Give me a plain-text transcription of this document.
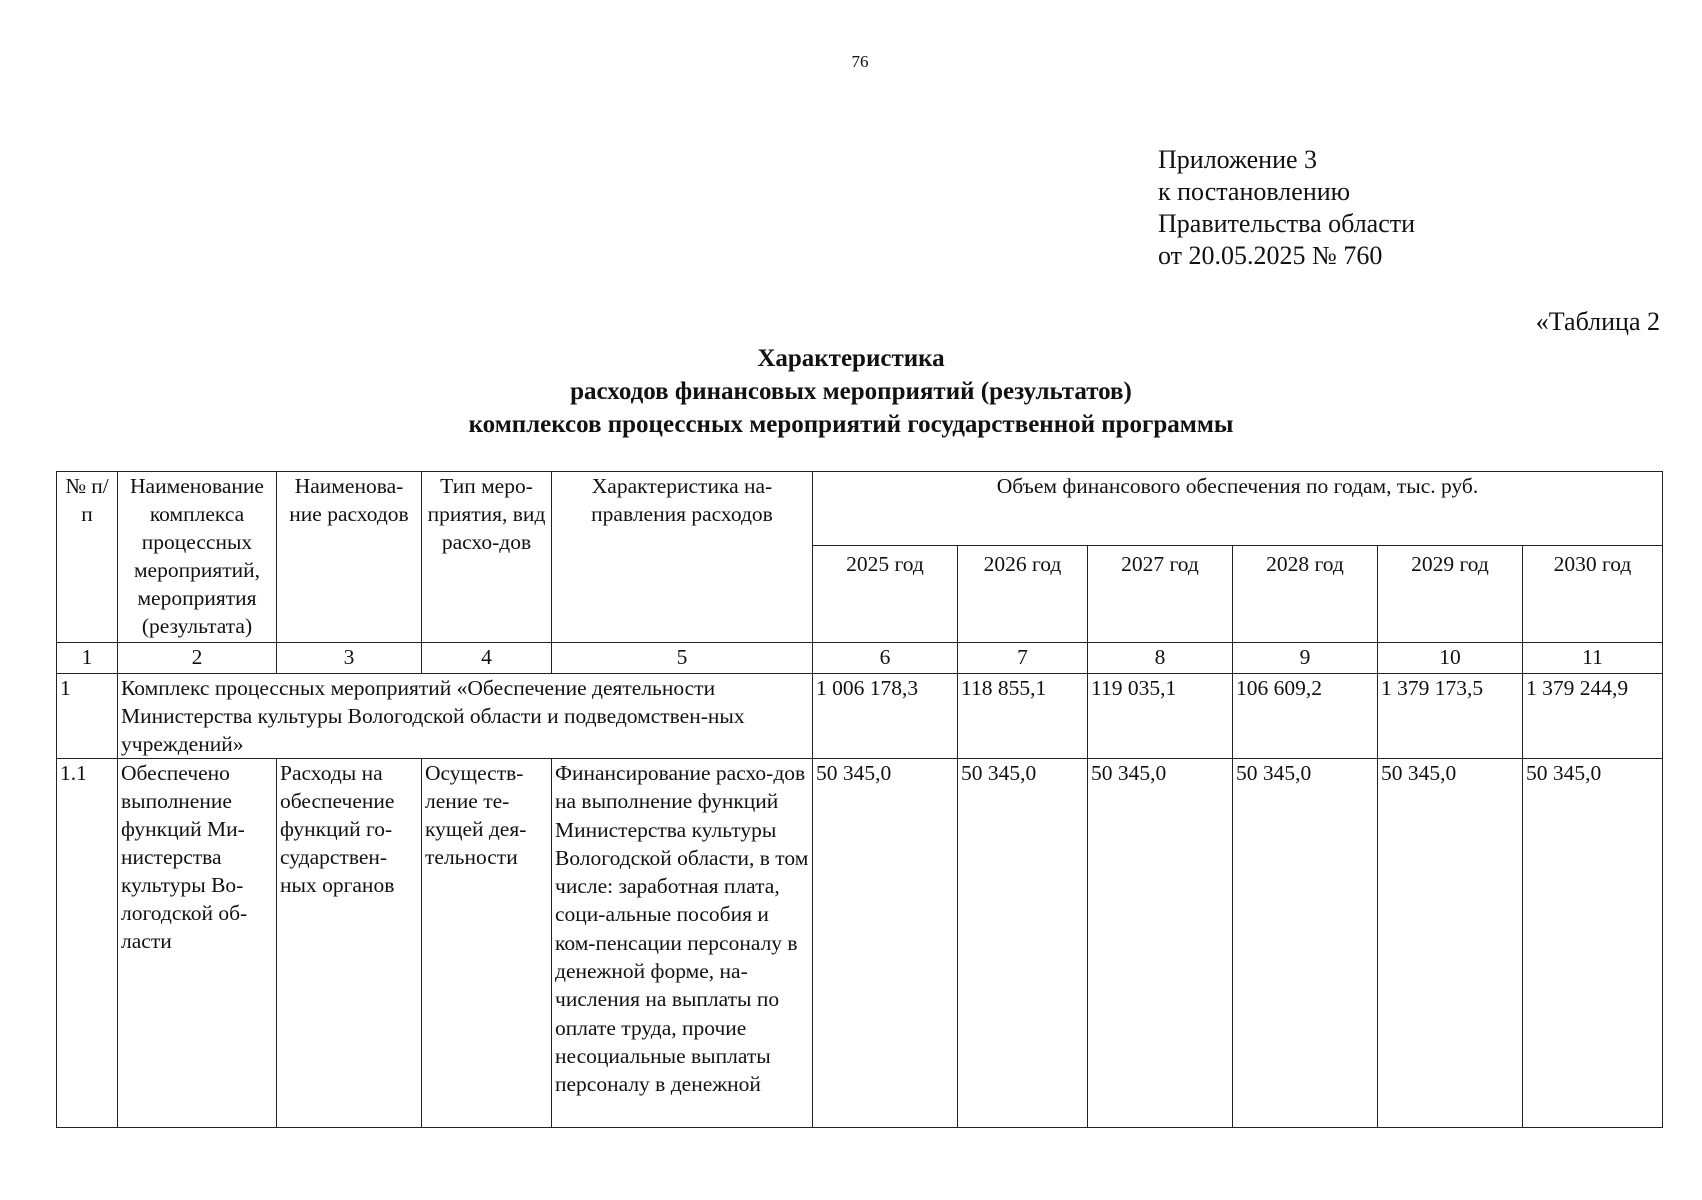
76
Приложение 3
к постановлению
Правительства области
от 20.05.2025 № 760
«Таблица 2
Характеристика
расходов финансовых мероприятий (результатов)
комплексов процессных мероприятий государственной программы
№ п/п	Наименование комплекса процессных мероприятий, мероприятия (результата)	Наименова-ние расходов	Тип меро-приятия, вид расхо-дов	Характеристика на-правления расходов	Объем финансового обеспечения по годам, тыс. руб.					
					2025 год	2026 год	2027 год	2028 год	2029 год	2030 год
1	2	3	4	5	6	7	8	9	10	11
1	Комплекс процессных мероприятий «Обеспечение деятельности Министерства культуры Вологодской области и подведомствен-ных учреждений»				1 006 178,3	118 855,1	119 035,1	106 609,2	1 379 173,5	1 379 244,9
1.1	Обеспечено выполнение функций Ми-нистерства культуры Во-логодской об-ласти	Расходы на обеспечение функций го-сударствен-ных органов	Осуществ-ление те-кущей дея-тельности	Финансирование расхо-дов на выполнение функций Министерства культуры Вологодской области, в том числе: заработная плата, соци-альные пособия и ком-пенсации персоналу в денежной форме, на-числения на выплаты по оплате труда, прочие несоциальные выплаты персоналу в денежной	50 345,0	50 345,0	50 345,0	50 345,0	50 345,0	50 345,0
